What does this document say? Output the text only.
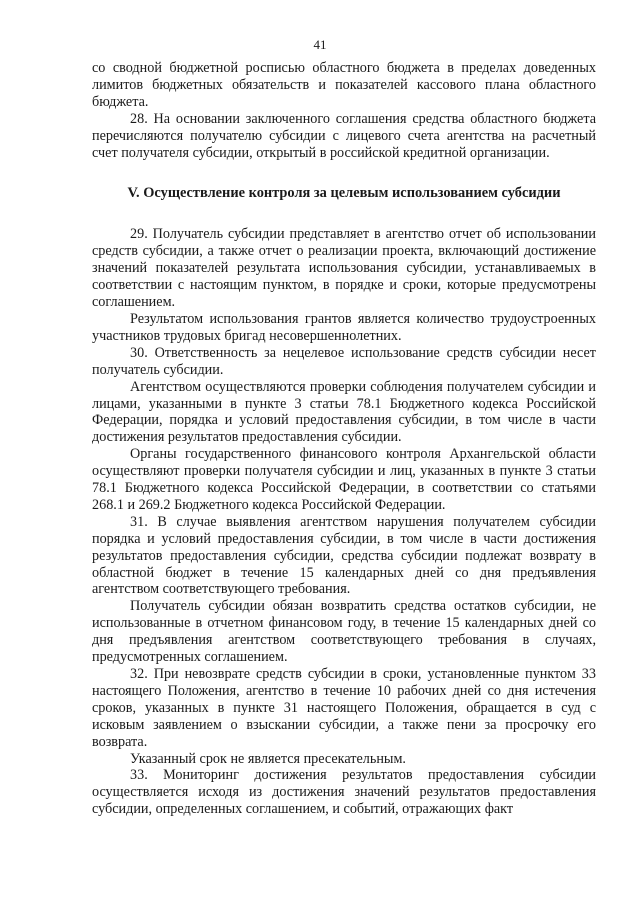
41

со сводной бюджетной росписью областного бюджета в пределах доведенных лимитов бюджетных обязательств и показателей кассового плана областного бюджета.

28. На основании заключенного соглашения средства областного бюджета перечисляются получателю субсидии с лицевого счета агентства на расчетный счет получателя субсидии, открытый в российской кредитной организации.

V. Осуществление контроля за целевым использованием субсидии

29. Получатель субсидии представляет в агентство отчет об использовании средств субсидии, а также отчет о реализации проекта, включающий достижение значений показателей результата использования субсидии, устанавливаемых в соответствии с настоящим пунктом, в порядке и сроки, которые предусмотрены соглашением.

Результатом использования грантов является количество трудоустроенных участников трудовых бригад несовершеннолетних.

30. Ответственность за нецелевое использование средств субсидии несет получатель субсидии.

Агентством осуществляются проверки соблюдения получателем субсидии и лицами, указанными в пункте 3 статьи 78.1 Бюджетного кодекса Российской Федерации, порядка и условий предоставления субсидии, в том числе в части достижения результатов предоставления субсидии.

Органы государственного финансового контроля Архангельской области осуществляют проверки получателя субсидии и лиц, указанных в пункте 3 статьи 78.1 Бюджетного кодекса Российской Федерации, в соответствии со статьями 268.1 и 269.2 Бюджетного кодекса Российской Федерации.

31. В случае выявления агентством нарушения получателем субсидии порядка и условий предоставления субсидии, в том числе в части достижения результатов предоставления субсидии, средства субсидии подлежат возврату в областной бюджет в течение 15 календарных дней со дня предъявления агентством соответствующего требования.

Получатель субсидии обязан возвратить средства остатков субсидии, не использованные в отчетном финансовом году, в течение 15 календарных дней со дня предъявления агентством соответствующего требования в случаях, предусмотренных соглашением.

32. При невозврате средств субсидии в сроки, установленные пунктом 33 настоящего Положения, агентство в течение 10 рабочих дней со дня истечения сроков, указанных в пункте 31 настоящего Положения, обращается в суд с исковым заявлением о взыскании субсидии, а также пени за просрочку его возврата.

Указанный срок не является пресекательным.

33. Мониторинг достижения результатов предоставления субсидии осуществляется исходя из достижения значений результатов предоставления субсидии, определенных соглашением, и событий, отражающих факт
